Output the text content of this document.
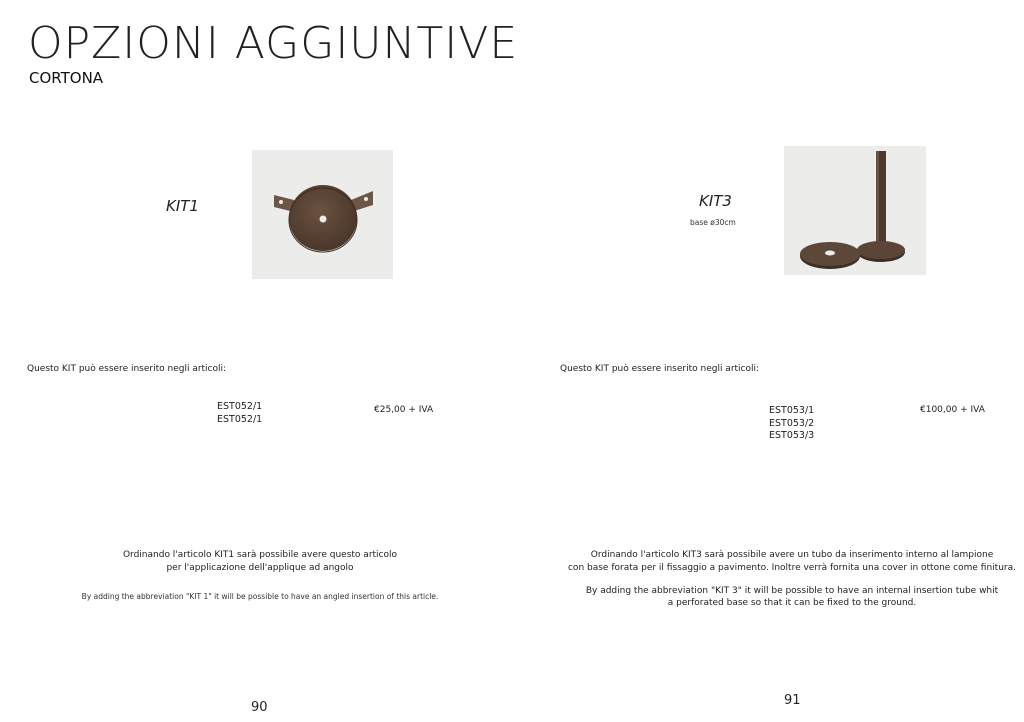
OPZIONI AGGIUNTIVE
CORTONA
KIT1
Questo KIT può essere inserito negli articoli:
EST052/1
EST052/1
€25,00 + IVA
Ordinando l'articolo KIT1 sarà possibile avere questo articolo
per l'applicazione dell'applique ad angolo
By adding the abbreviation "KIT 1" it will be possible to have an angled insertion of this article.
90
KIT3
base ø30cm
Questo KIT può essere inserito negli articoli:
EST053/1
EST053/2
EST053/3
€100,00 + IVA
Ordinando l'articolo KIT3 sarà possibile avere un tubo da inserimento interno al lampione
con base forata per il fissaggio a pavimento. Inoltre verrà fornita una cover in ottone come finitura.
By adding the abbreviation "KIT 3" it will be possible to have an internal insertion tube whit
a perforated base so that it can be fixed to the ground.
91
